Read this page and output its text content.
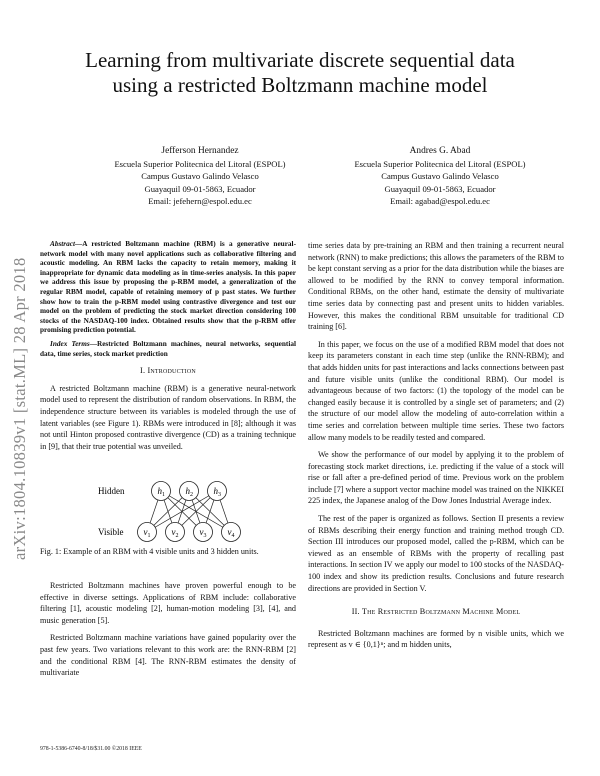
arXiv:1804.10839v1 [stat.ML] 28 Apr 2018
Learning from multivariate discrete sequential data
using a restricted Boltzmann machine model
Jefferson Hernandez
Escuela Superior Politecnica del Litoral (ESPOL)
Campus Gustavo Galindo Velasco
Guayaquil 09-01-5863, Ecuador
Email: jefehern@espol.edu.ec
Andres G. Abad
Escuela Superior Politecnica del Litoral (ESPOL)
Campus Gustavo Galindo Velasco
Guayaquil 09-01-5863, Ecuador
Email: agabad@espol.edu.ec

Abstract—A restricted Boltzmann machine (RBM) is a generative neural-network model with many novel applications such as collaborative filtering and acoustic modeling. An RBM lacks the capacity to retain memory, making it inappropriate for dynamic data modeling as in time-series analysis. In this paper we address this issue by proposing the p-RBM model, a generalization of the regular RBM model, capable of retaining memory of p past states. We further show how to train the p-RBM model using contrastive divergence and test our model on the problem of predicting the stock market direction considering 100 stocks of the NASDAQ-100 index. Obtained results show that the p-RBM offer promising prediction potential.

Index Terms—Restricted Boltzmann machines, neural networks, sequential data, time series, stock market prediction

I. Introduction

A restricted Boltzmann machine (RBM) is a generative neural-network model used to represent the distribution of random observations. In RBM, the independence structure between its variables is modeled through the use of latent variables (see Figure 1). RBMs were introduced in [8]; although it was not until Hinton proposed contrastive divergence (CD) as a training technique in [9], that their true potential was unveiled.

Hidden
Visible
$h_1$ $h_2$ $h_3$
$v_1$ $v_2$ $v_3$ $v_4$
Fig. 1: Example of an RBM with 4 visible units and 3 hidden units.

Restricted Boltzmann machines have proven powerful enough to be effective in diverse settings. Applications of RBM include: collaborative filtering [1], acoustic modeling [2], human-motion modeling [3], [4], and music generation [5].

Restricted Boltzmann machine variations have gained popularity over the past few years. Two variations relevant to this work are: the RNN-RBM [2] and the conditional RBM [4]. The RNN-RBM estimates the density of multivariate

time series data by pre-training an RBM and then training a recurrent neural network (RNN) to make predictions; this allows the parameters of the RBM to be kept constant serving as a prior for the data distribution while the biases are allowed to be modified by the RNN to convey temporal information. Conditional RBMs, on the other hand, estimate the density of multivariate time series data by connecting past and present units to hidden variables. However, this makes the conditional RBM unsuitable for traditional CD training [6].

In this paper, we focus on the use of a modified RBM model that does not keep its parameters constant in each time step (unlike the RNN-RBM); and that adds hidden units for past interactions and lacks connections between past and future visible units (unlike the conditional RBM). Our model is advantageous because of two factors: (1) the topology of the model can be changed easily because it is controlled by a single set of parameters; and (2) the structure of our model allow the modeling of auto-correlation within a time series and correlation between multiple time series. These two factors allow many models to be readily tested and compared.

We show the performance of our model by applying it to the problem of forecasting stock market directions, i.e. predicting if the value of a stock will rise or fall after a pre-defined period of time. Previous work on the problem include [7] where a support vector machine model was trained on the NIKKEI 225 index, the Japanese analog of the Dow Jones Industrial Average index.

The rest of the paper is organized as follows. Section II presents a review of RBMs describing their energy function and training method trough CD. Section III introduces our proposed model, called the p-RBM, which can be viewed as an ensemble of RBMs with the property of recalling past interactions. In section IV we apply our model to 100 stocks of the NASDAQ-100 index and show its prediction results. Conclusions and future research directions are provided in Section V.

II. The Restricted Boltzmann Machine Model

Restricted Boltzmann machines are formed by n visible units, which we represent as v ∈ {0,1}ⁿ; and m hidden units,

978-1-5386-6740-8/18/$31.00 ©2018 IEEE
